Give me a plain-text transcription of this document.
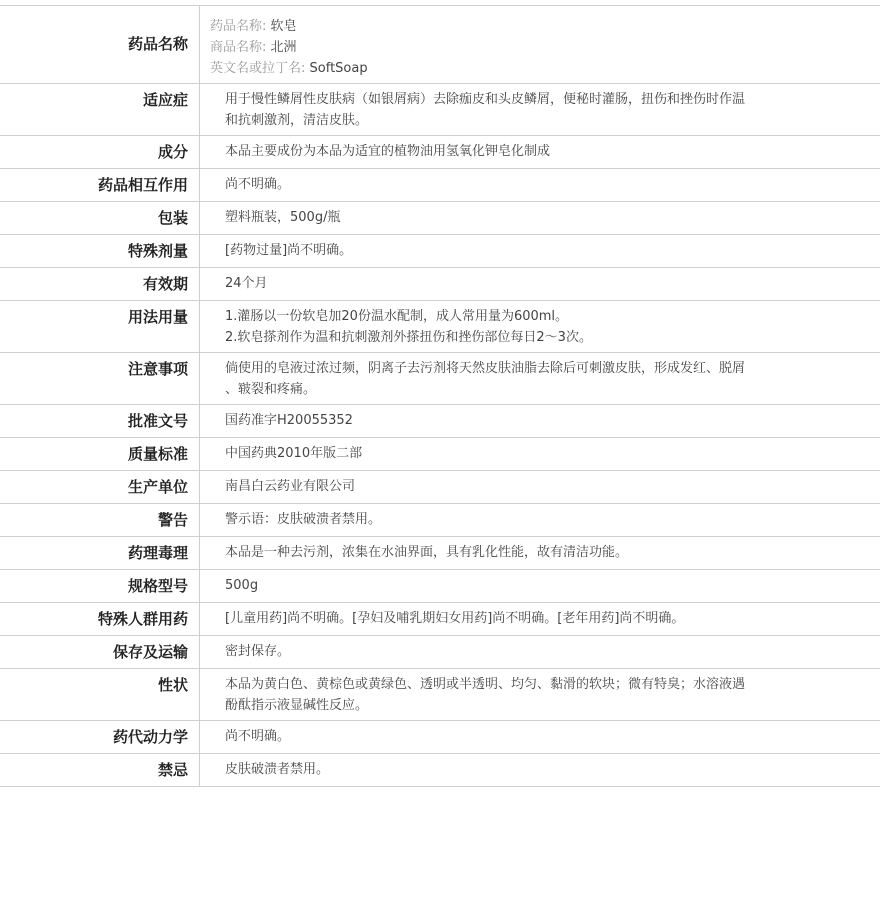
药品名称
药品名称: 软皂
商品名称: 北洲
英文名或拉丁名: SoftSoap
适应症	用于慢性鳞屑性皮肤病（如银屑病）去除痂皮和头皮鳞屑，便秘时灌肠，扭伤和挫伤时作温
和抗刺激剂，清洁皮肤。
成分	本品主要成份为本品为适宜的植物油用氢氧化钾皂化制成
药品相互作用	尚不明确。
包装	塑料瓶装，500g/瓶
特殊剂量	[药物过量]尚不明确。
有效期	24个月
用法用量	1.灌肠以一份软皂加20份温水配制，成人常用量为600ml。
2.软皂搽剂作为温和抗刺激剂外搽扭伤和挫伤部位每日2～3次。
注意事项	倘使用的皂液过浓过频，阴离子去污剂将天然皮肤油脂去除后可刺激皮肤，形成发红、脱屑
、皲裂和疼痛。
批准文号	国药准字H20055352
质量标准	中国药典2010年版二部
生产单位	南昌白云药业有限公司
警告	警示语：皮肤破溃者禁用。
药理毒理	本品是一种去污剂，浓集在水油界面，具有乳化性能，故有清洁功能。
规格型号	500g
特殊人群用药	[儿童用药]尚不明确。[孕妇及哺乳期妇女用药]尚不明确。[老年用药]尚不明确。
保存及运输	密封保存。
性状	本品为黄白色、黄棕色或黄绿色、透明或半透明、均匀、黏滑的软块；微有特臭；水溶液遇
酚酞指示液显碱性反应。
药代动力学	尚不明确。
禁忌	皮肤破溃者禁用。
